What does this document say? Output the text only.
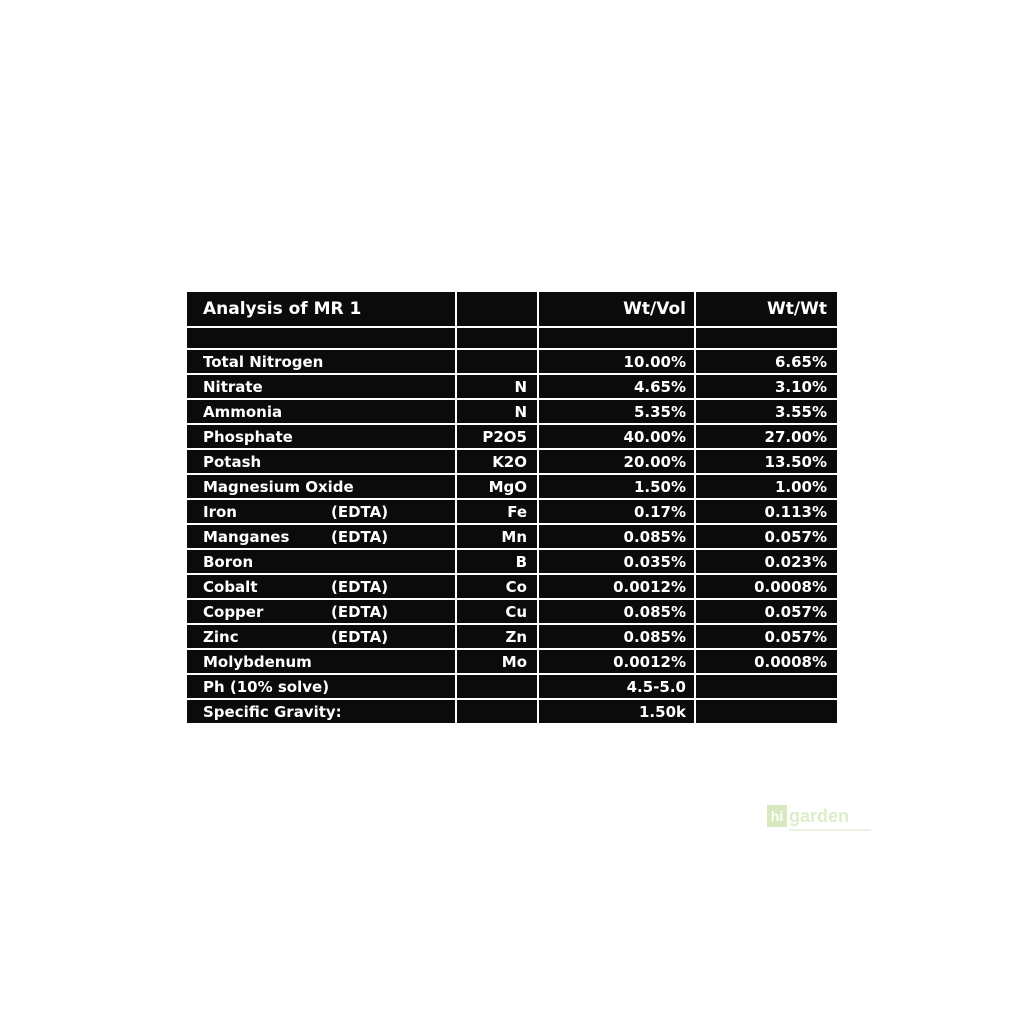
Analysis of MR 1		Wt/Vol	Wt/Wt

Total Nitrogen		10.00%	6.65%

Nitrate	N	4.65%	3.10%

Ammonia	N	5.35%	3.55%

Phosphate	P2O5	40.00%	27.00%

Potash	K2O	20.00%	13.50%

Magnesium Oxide	MgO	1.50%	1.00%

Iron (EDTA)	Fe	0.17%	0.113%

Manganes (EDTA)	Mn	0.085%	0.057%

Boron	B	0.035%	0.023%

Cobalt (EDTA)	Co	0.0012%	0.0008%

Copper (EDTA)	Cu	0.085%	0.057%

Zinc (EDTA)	Zn	0.085%	0.057%

Molybdenum	Mo	0.0012%	0.0008%

Ph (10% solve)		4.5-5.0	

Specific Gravity:		1.50k	
hi garden
